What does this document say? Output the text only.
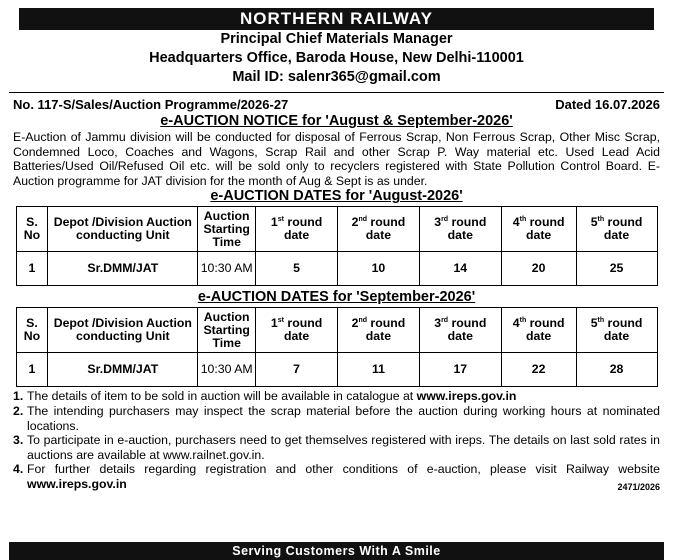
NORTHERN RAILWAY
Principal Chief Materials Manager
Headquarters Office, Baroda House, New Delhi-110001
Mail ID: salenr365@gmail.com
No. 117-S/Sales/Auction Programme/2026-27	Dated 16.07.2026
e-AUCTION NOTICE for 'August & September-2026'
E-Auction of Jammu division will be conducted for disposal of Ferrous Scrap, Non Ferrous Scrap, Other Misc Scrap, Condemned Loco, Coaches and Wagons, Scrap Rail and other Scrap P. Way material etc. Used Lead Acid Batteries/Used Oil/Refused Oil etc. will be sold only to recyclers registered with State Pollution Control Board. E-Auction programme for JAT division for the month of Aug & Sept is as under.
e-AUCTION DATES for 'August-2026'
S. No	Depot /Division Auction conducting Unit	Auction Starting Time	1st round date	2nd round date	3rd round date	4th round date	5th round date
1	Sr.DMM/JAT	10:30 AM	5	10	14	20	25
e-AUCTION DATES for 'September-2026'
S. No	Depot /Division Auction conducting Unit	Auction Starting Time	1st round date	2nd round date	3rd round date	4th round date	5th round date
1	Sr.DMM/JAT	10:30 AM	7	11	17	22	28
1. The details of item to be sold in auction will be available in catalogue at www.ireps.gov.in
2. The intending purchasers may inspect the scrap material before the auction during working hours at nominated locations.
3. To participate in e-auction, purchasers need to get themselves registered with ireps. The details on last sold rates in auctions are available at www.railnet.gov.in.
4. For further details regarding registration and other conditions of e-auction, please visit Railway website www.ireps.gov.in	2471/2026
Serving Customers With A Smile
